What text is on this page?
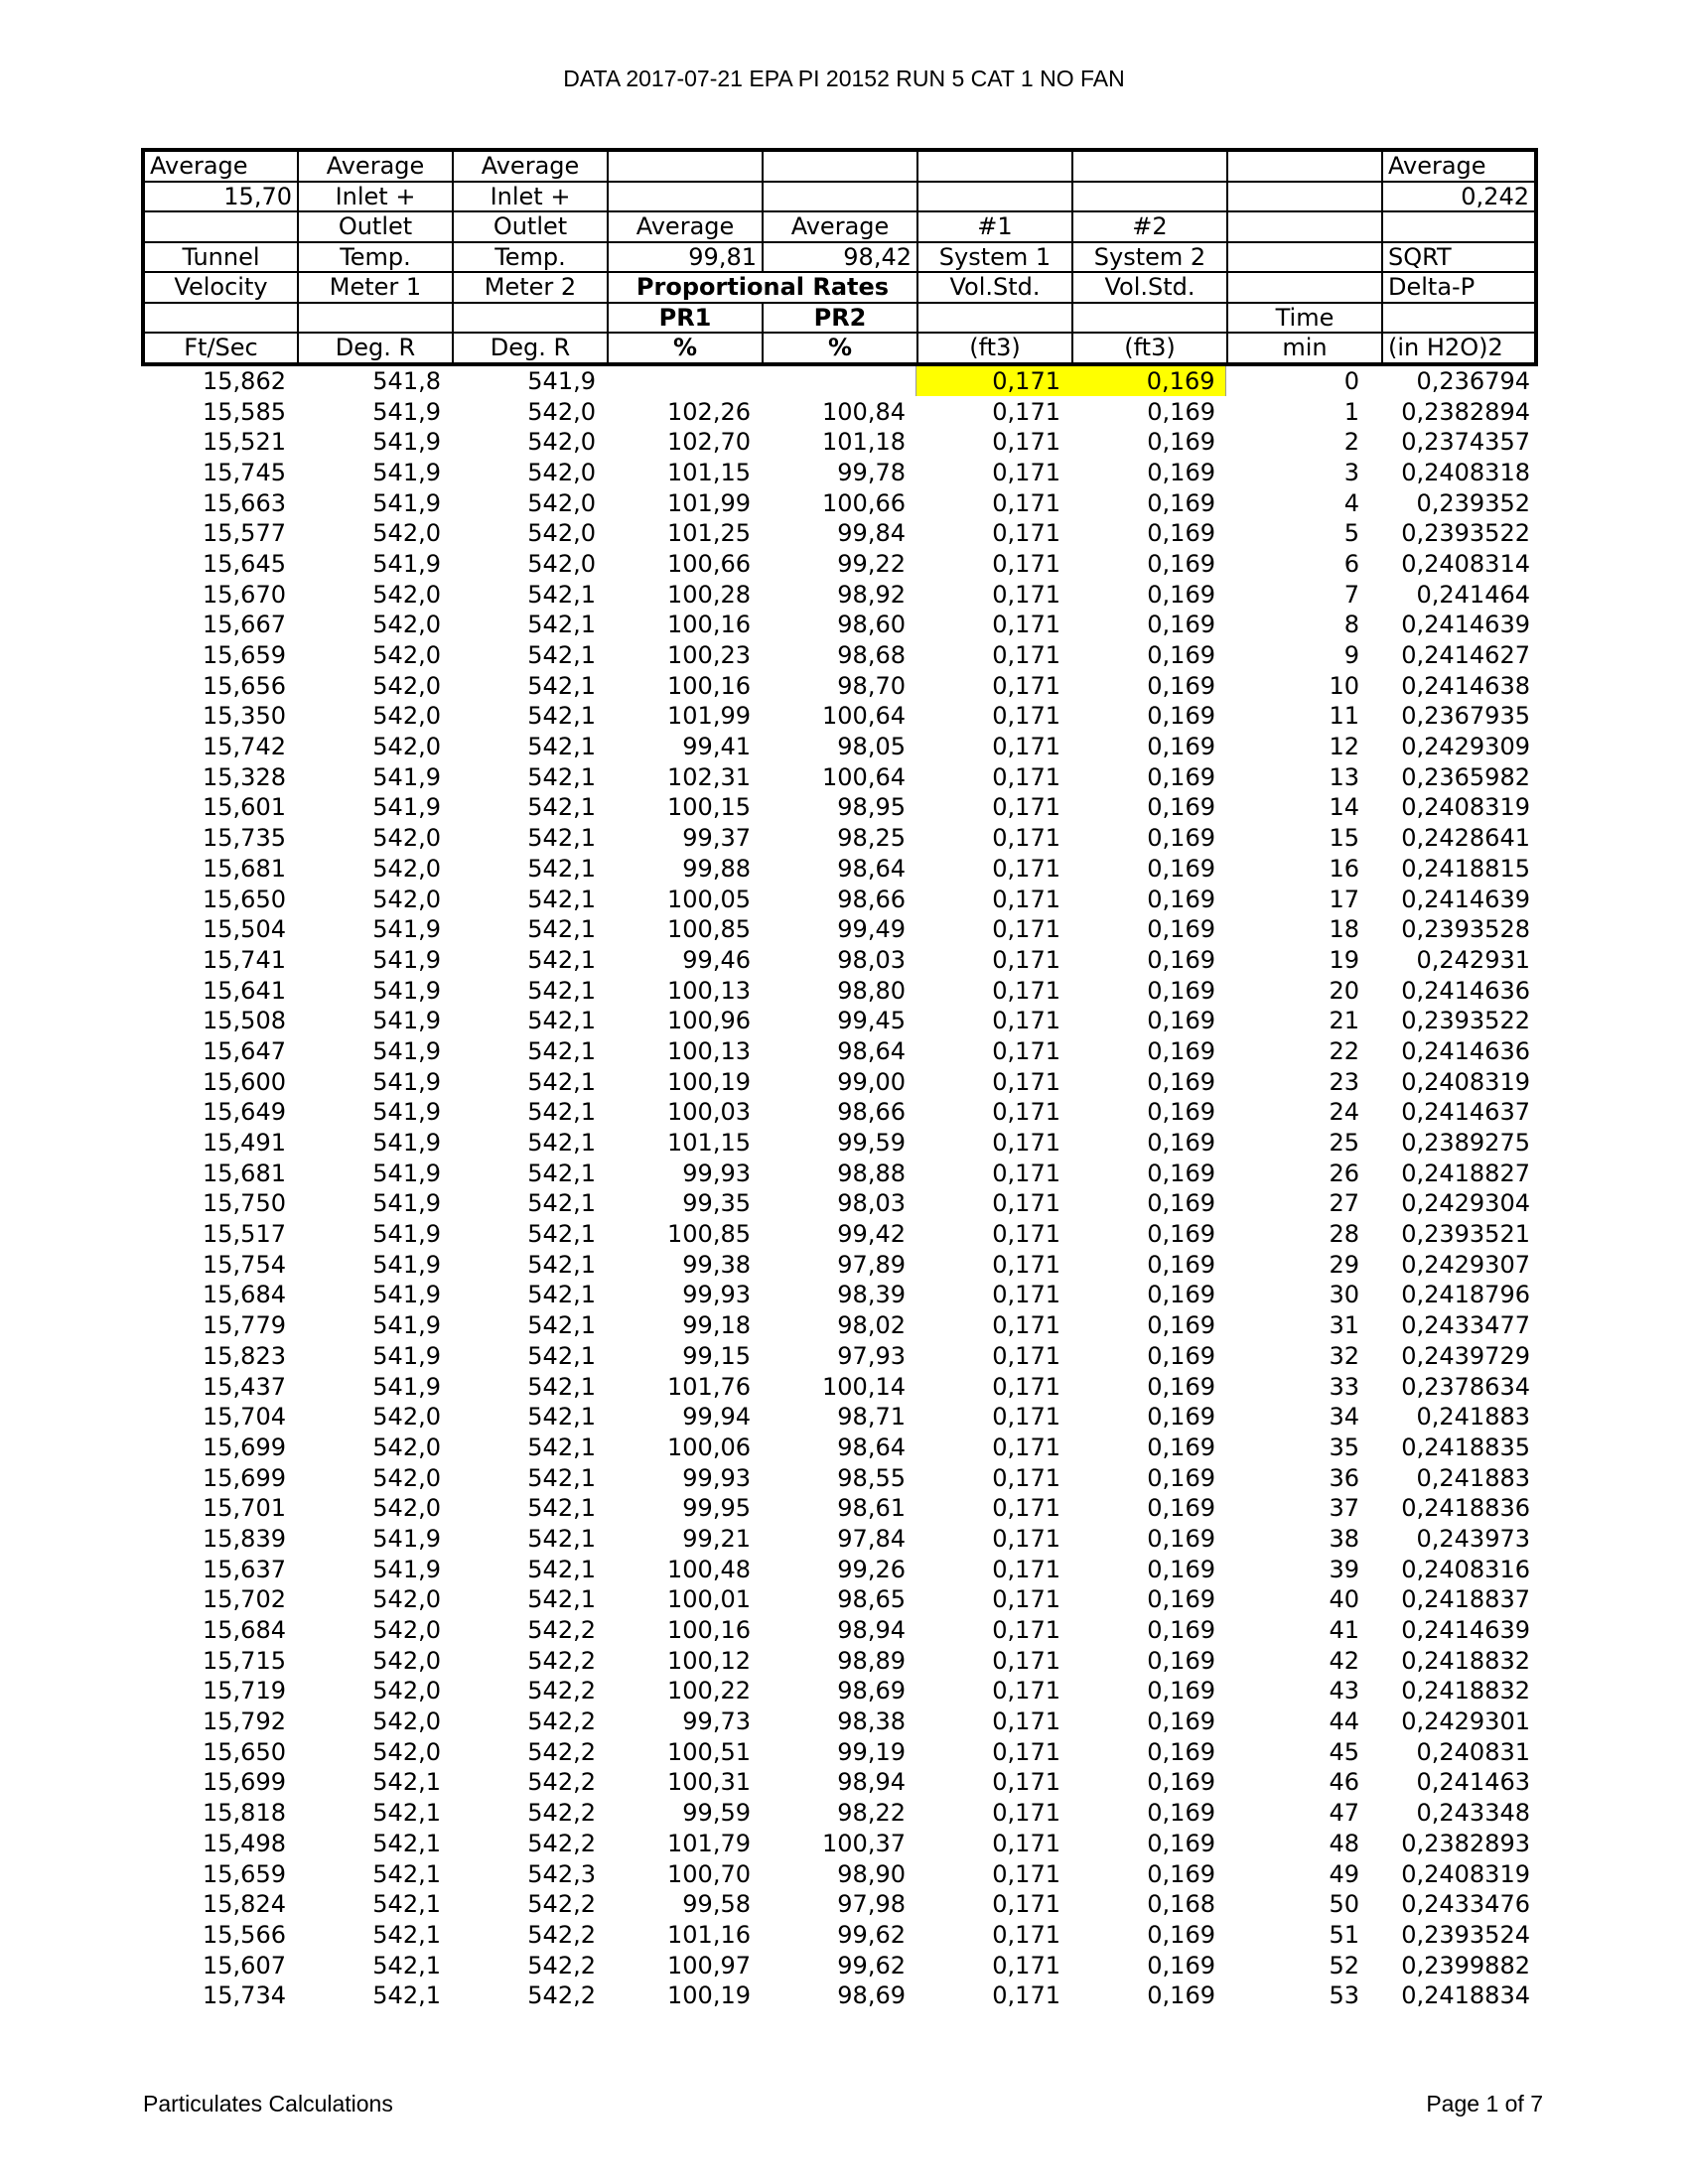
DATA 2017-07-21 EPA PI 20152 RUN 5 CAT 1 NO FAN
Average	Average	Average						Average
15,70	Inlet +	Inlet +						0,242
	Outlet	Outlet	Average	Average	#1	#2		
Tunnel	Temp.	Temp.	99,81	98,42	System 1	System 2		SQRT
Velocity	Meter 1	Meter 2	Proportional Rates		Vol.Std.	Vol.Std.		Delta-P
			PR1	PR2			Time	
Ft/Sec	Deg. R	Deg. R	%	%	(ft3)	(ft3)	min	(in H2O)2
15,862	541,8	541,9			0,171	0,169	0	0,236794
15,585	541,9	542,0	102,26	100,84	0,171	0,169	1	0,2382894
15,521	541,9	542,0	102,70	101,18	0,171	0,169	2	0,2374357
15,745	541,9	542,0	101,15	99,78	0,171	0,169	3	0,2408318
15,663	541,9	542,0	101,99	100,66	0,171	0,169	4	0,239352
15,577	542,0	542,0	101,25	99,84	0,171	0,169	5	0,2393522
15,645	541,9	542,0	100,66	99,22	0,171	0,169	6	0,2408314
15,670	542,0	542,1	100,28	98,92	0,171	0,169	7	0,241464
15,667	542,0	542,1	100,16	98,60	0,171	0,169	8	0,2414639
15,659	542,0	542,1	100,23	98,68	0,171	0,169	9	0,2414627
15,656	542,0	542,1	100,16	98,70	0,171	0,169	10	0,2414638
15,350	542,0	542,1	101,99	100,64	0,171	0,169	11	0,2367935
15,742	542,0	542,1	99,41	98,05	0,171	0,169	12	0,2429309
15,328	541,9	542,1	102,31	100,64	0,171	0,169	13	0,2365982
15,601	541,9	542,1	100,15	98,95	0,171	0,169	14	0,2408319
15,735	542,0	542,1	99,37	98,25	0,171	0,169	15	0,2428641
15,681	542,0	542,1	99,88	98,64	0,171	0,169	16	0,2418815
15,650	542,0	542,1	100,05	98,66	0,171	0,169	17	0,2414639
15,504	541,9	542,1	100,85	99,49	0,171	0,169	18	0,2393528
15,741	541,9	542,1	99,46	98,03	0,171	0,169	19	0,242931
15,641	541,9	542,1	100,13	98,80	0,171	0,169	20	0,2414636
15,508	541,9	542,1	100,96	99,45	0,171	0,169	21	0,2393522
15,647	541,9	542,1	100,13	98,64	0,171	0,169	22	0,2414636
15,600	541,9	542,1	100,19	99,00	0,171	0,169	23	0,2408319
15,649	541,9	542,1	100,03	98,66	0,171	0,169	24	0,2414637
15,491	541,9	542,1	101,15	99,59	0,171	0,169	25	0,2389275
15,681	541,9	542,1	99,93	98,88	0,171	0,169	26	0,2418827
15,750	541,9	542,1	99,35	98,03	0,171	0,169	27	0,2429304
15,517	541,9	542,1	100,85	99,42	0,171	0,169	28	0,2393521
15,754	541,9	542,1	99,38	97,89	0,171	0,169	29	0,2429307
15,684	541,9	542,1	99,93	98,39	0,171	0,169	30	0,2418796
15,779	541,9	542,1	99,18	98,02	0,171	0,169	31	0,2433477
15,823	541,9	542,1	99,15	97,93	0,171	0,169	32	0,2439729
15,437	541,9	542,1	101,76	100,14	0,171	0,169	33	0,2378634
15,704	542,0	542,1	99,94	98,71	0,171	0,169	34	0,241883
15,699	542,0	542,1	100,06	98,64	0,171	0,169	35	0,2418835
15,699	542,0	542,1	99,93	98,55	0,171	0,169	36	0,241883
15,701	542,0	542,1	99,95	98,61	0,171	0,169	37	0,2418836
15,839	541,9	542,1	99,21	97,84	0,171	0,169	38	0,243973
15,637	541,9	542,1	100,48	99,26	0,171	0,169	39	0,2408316
15,702	542,0	542,1	100,01	98,65	0,171	0,169	40	0,2418837
15,684	542,0	542,2	100,16	98,94	0,171	0,169	41	0,2414639
15,715	542,0	542,2	100,12	98,89	0,171	0,169	42	0,2418832
15,719	542,0	542,2	100,22	98,69	0,171	0,169	43	0,2418832
15,792	542,0	542,2	99,73	98,38	0,171	0,169	44	0,2429301
15,650	542,0	542,2	100,51	99,19	0,171	0,169	45	0,240831
15,699	542,1	542,2	100,31	98,94	0,171	0,169	46	0,241463
15,818	542,1	542,2	99,59	98,22	0,171	0,169	47	0,243348
15,498	542,1	542,2	101,79	100,37	0,171	0,169	48	0,2382893
15,659	542,1	542,3	100,70	98,90	0,171	0,169	49	0,2408319
15,824	542,1	542,2	99,58	97,98	0,171	0,168	50	0,2433476
15,566	542,1	542,2	101,16	99,62	0,171	0,169	51	0,2393524
15,607	542,1	542,2	100,97	99,62	0,171	0,169	52	0,2399882
15,734	542,1	542,2	100,19	98,69	0,171	0,169	53	0,2418834
Particulates Calculations	Page 1 of 7
